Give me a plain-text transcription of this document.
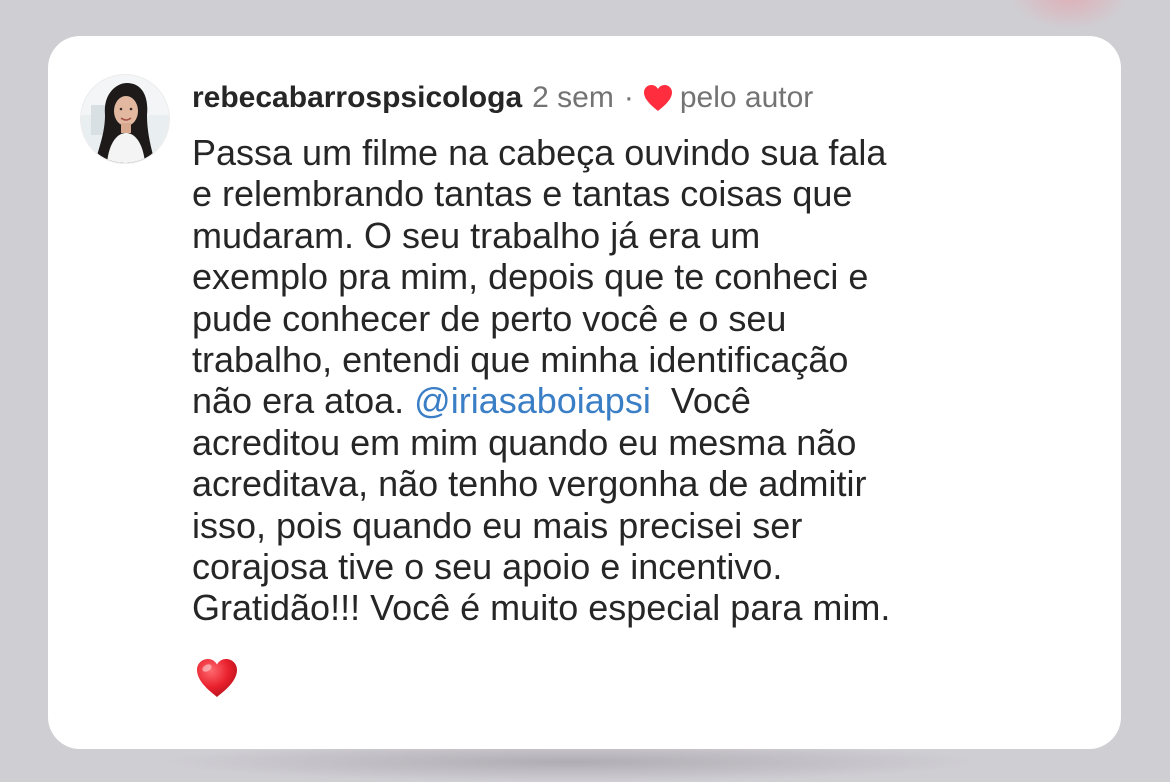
rebecabarrospsicologa 2 sem · pelo autor
Passa um filme na cabeça ouvindo sua fala
e relembrando tantas e tantas coisas que
mudaram. O seu trabalho já era um
exemplo pra mim, depois que te conheci e
pude conhecer de perto você e o seu
trabalho, entendi que minha identificação
não era atoa. @iriasaboiapsi  Você
acreditou em mim quando eu mesma não
acreditava, não tenho vergonha de admitir
isso, pois quando eu mais precisei ser
corajosa tive o seu apoio e incentivo.
Gratidão!!! Você é muito especial para mim.
